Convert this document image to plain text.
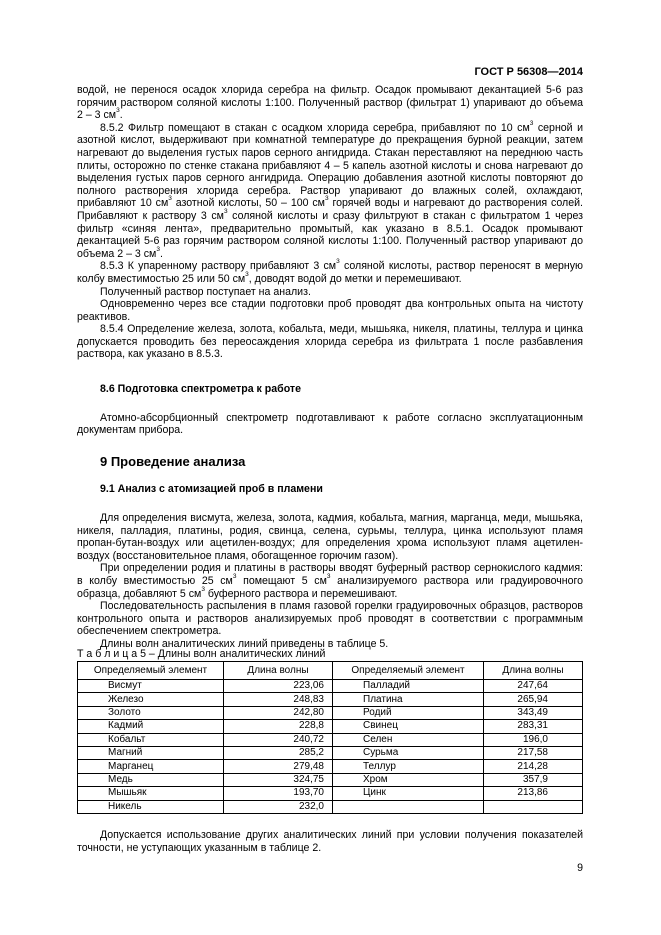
ГОСТ Р 56308—2014

водой, не перенося осадок хлорида серебра на фильтр. Осадок промывают декантацией 5-6 раз горячим раствором соляной кислоты 1:100. Полученный раствор (фильтрат 1) упаривают до объема 2 – 3 $см^3$.

8.5.2 Фильтр помещают в стакан с осадком хлорида серебра, прибавляют по 10 $см^3$ серной и азотной кислот, выдерживают при комнатной температуре до прекращения бурной реакции, затем нагревают до выделения густых паров серного ангидрида. Стакан переставляют на переднюю часть плиты, осторожно по стенке стакана прибавляют 4 – 5 капель азотной кислоты и снова нагревают до выделения густых паров серного ангидрида. Операцию добавления азотной кислоты повторяют до полного растворения хлорида серебра. Раствор упаривают до влажных солей, охлаждают, прибавляют 10 $см^3$ азотной кислоты, 50 – 100 $см^3$ горячей воды и нагревают до растворения солей. Прибавляют к раствору 3 $см^3$ соляной кислоты и сразу фильтруют в стакан с фильтратом 1 через фильтр «синяя лента», предварительно промытый, как указано в 8.5.1. Осадок промывают декантацией 5-6 раз горячим раствором соляной кислоты 1:100. Полученный раствор упаривают до объема 2 – 3 $см^3$.

8.5.3 К упаренному раствору прибавляют 3 $см^3$ соляной кислоты, раствор переносят в мерную колбу вместимостью 25 или 50 $см^3$, доводят водой до метки и перемешивают.

Полученный раствор поступает на анализ.

Одновременно через все стадии подготовки проб проводят два контрольных опыта на чистоту реактивов.

8.5.4 Определение железа, золота, кобальта, меди, мышьяка, никеля, платины, теллура и цинка допускается проводить без переосаждения хлорида серебра из фильтрата 1 после разбавления раствора, как указано в 8.5.3.

8.6 Подготовка спектрометра к работе

Атомно-абсорбционный спектрометр подготавливают к работе согласно эксплуатационным документам прибора.

9 Проведение анализа

9.1 Анализ с атомизацией проб в пламени

Для определения висмута, железа, золота, кадмия, кобальта, магния, марганца, меди, мышьяка, никеля, палладия, платины, родия, свинца, селена, сурьмы, теллура, цинка используют пламя пропан-бутан-воздух или ацетилен-воздух; для определения хрома используют пламя ацетилен-воздух (восстановительное пламя, обогащенное горючим газом).

При определении родия и платины в растворы вводят буферный раствор сернокислого кадмия: в колбу вместимостью 25 $см^3$ помещают 5 $см^3$ анализируемого раствора или градуировочного образца, добавляют 5 $см^3$ буферного раствора и перемешивают.

Последовательность распыления в пламя газовой горелки градуировочных образцов, растворов контрольного опыта и растворов анализируемых проб проводят в соответствии с программным обеспечением спектрометра.

Длины волн аналитических линий приведены в таблице 5.

Т а б л и ц а 5 – Длины волн аналитических линий
Определяемый элемент	Длина волны	Определяемый элемент	Длина волны
Висмут	223,06	Палладий	247,64
Железо	248,83	Платина	265,94
Золото	242,80	Родий	343,49
Кадмий	228,8	Свинец	283,31
Кобальт	240,72	Селен	196,0
Магний	285,2	Сурьма	217,58
Марганец	279,48	Теллур	214,28
Медь	324,75	Хром	357,9
Мышьяк	193,70	Цинк	213,86
Никель	232,0		

Допускается использование других аналитических линий при условии получения показателей точности, не уступающих указанным в таблице 2.

9
